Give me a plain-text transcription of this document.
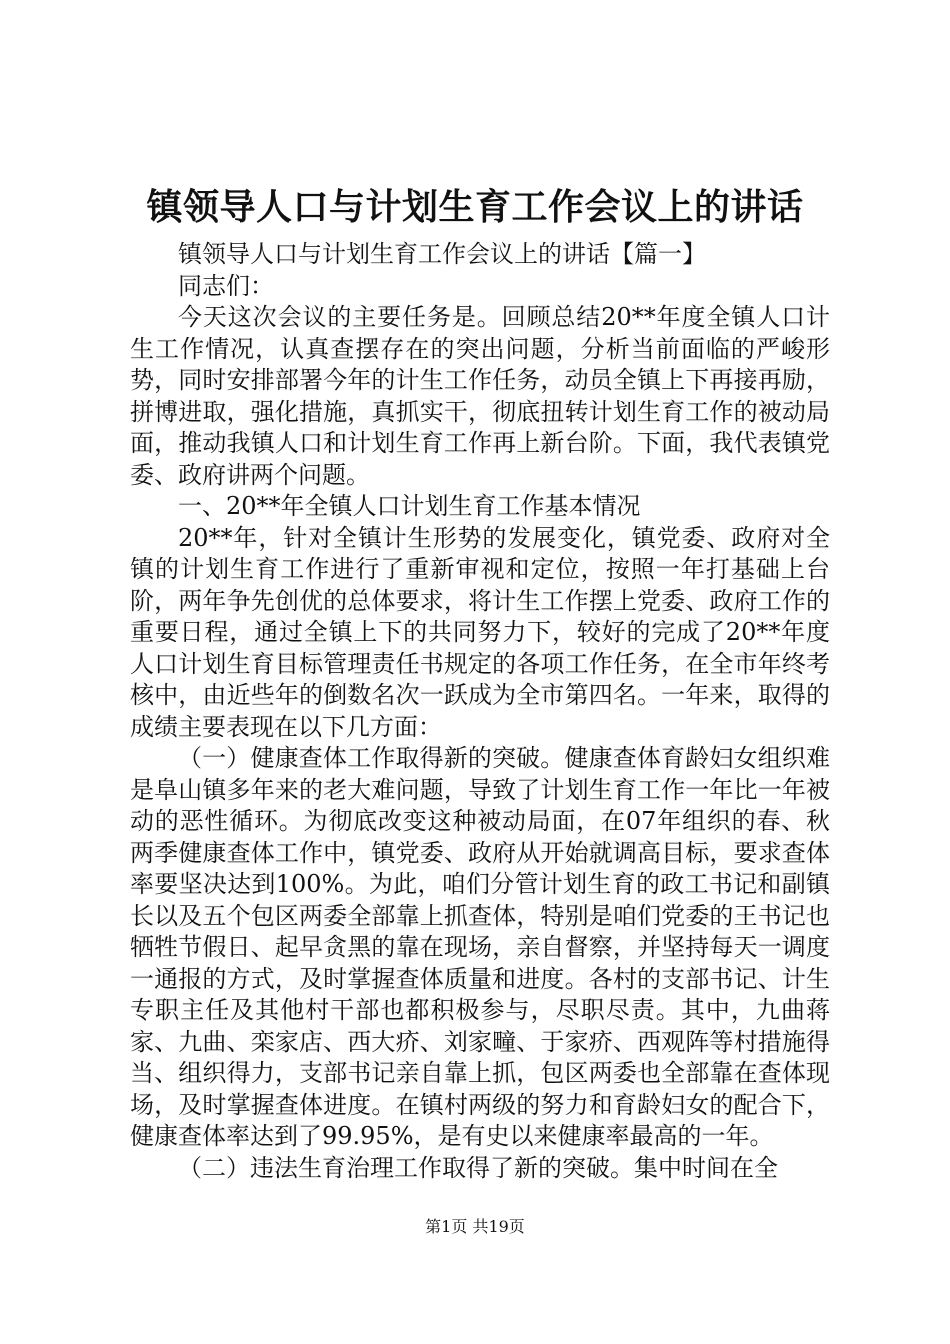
镇领导人口与计划生育工作会议上的讲话

镇领导人口与计划生育工作会议上的讲话【篇一】

同志们：

今天这次会议的主要任务是。回顾总结20**年度全镇人口计生工作情况，认真查摆存在的突出问题，分析当前面临的严峻形势，同时安排部署今年的计生工作任务，动员全镇上下再接再励，拼博进取，强化措施，真抓实干，彻底扭转计划生育工作的被动局面，推动我镇人口和计划生育工作再上新台阶。下面，我代表镇党委、政府讲两个问题。

一、20**年全镇人口计划生育工作基本情况

20**年，针对全镇计生形势的发展变化，镇党委、政府对全镇的计划生育工作进行了重新审视和定位，按照一年打基础上台阶，两年争先创优的总体要求，将计生工作摆上党委、政府工作的重要日程，通过全镇上下的共同努力下，较好的完成了20**年度人口计划生育目标管理责任书规定的各项工作任务，在全市年终考核中，由近些年的倒数名次一跃成为全市第四名。一年来，取得的成绩主要表现在以下几方面：

（一）健康查体工作取得新的突破。健康查体育龄妇女组织难是阜山镇多年来的老大难问题，导致了计划生育工作一年比一年被动的恶性循环。为彻底改变这种被动局面，在07年组织的春、秋两季健康查体工作中，镇党委、政府从开始就调高目标，要求查体率要坚决达到100%。为此，咱们分管计划生育的政工书记和副镇长以及五个包区两委全部靠上抓查体，特别是咱们党委的王书记也牺牲节假日、起早贪黑的靠在现场，亲自督察，并坚持每天一调度一通报的方式，及时掌握查体质量和进度。各村的支部书记、计生专职主任及其他村干部也都积极参与，尽职尽责。其中，九曲蒋家、九曲、栾家店、西大疥、刘家疃、于家疥、西观阵等村措施得当、组织得力，支部书记亲自靠上抓，包区两委也全部靠在查体现场，及时掌握查体进度。在镇村两级的努力和育龄妇女的配合下，健康查体率达到了99.95%，是有史以来健康率最高的一年。

（二）违法生育治理工作取得了新的突破。集中时间在全

第1页 共19页
